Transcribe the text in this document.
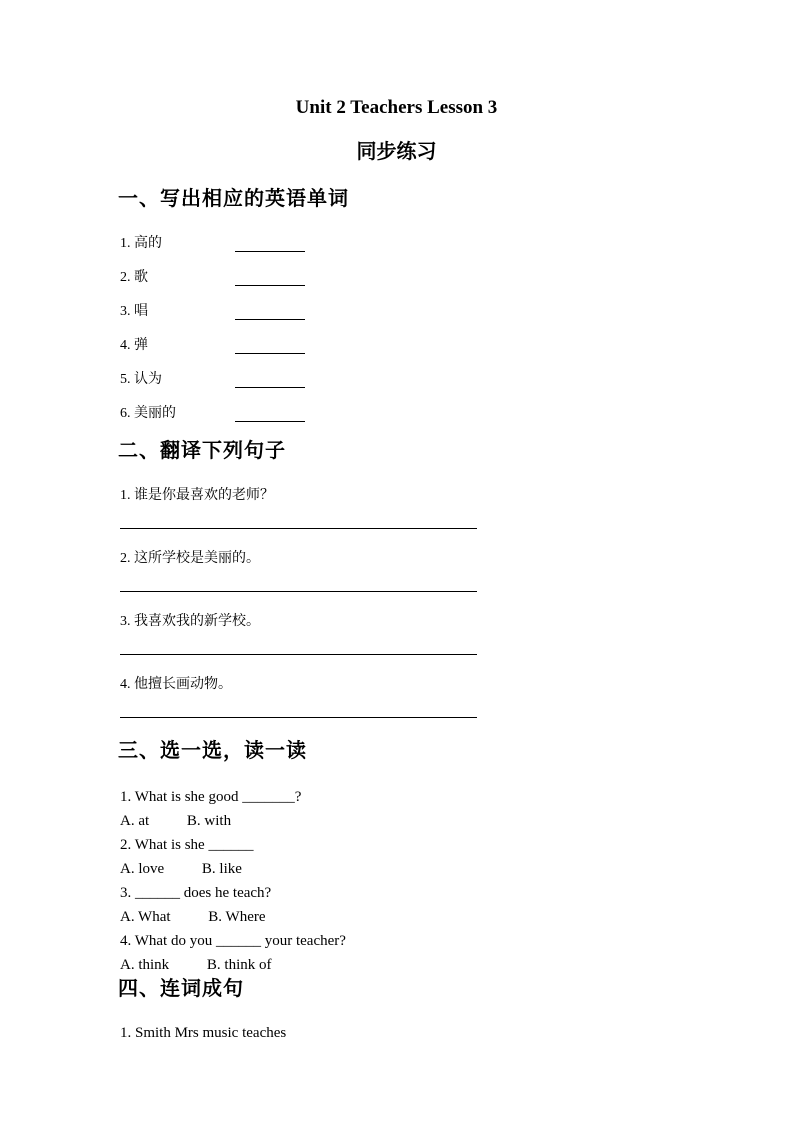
Unit 2 Teachers Lesson 3
同步练习
一、写出相应的英语单词
1. 高的
2. 歌
3. 唱
4. 弹
5. 认为
6. 美丽的
二、翻译下列句子
1. 谁是你最喜欢的老师？
2. 这所学校是美丽的。
3. 我喜欢我的新学校。
4. 他擅长画动物。
三、选一选，读一读
1. What is she good _______?
A. at	B. with
2. What is she ______
A. love	B. like
3. ______ does he teach?
A. What	B. Where
4. What do you ______ your teacher?
A. think	B. think of
四、连词成句
1. Smith Mrs music teaches
